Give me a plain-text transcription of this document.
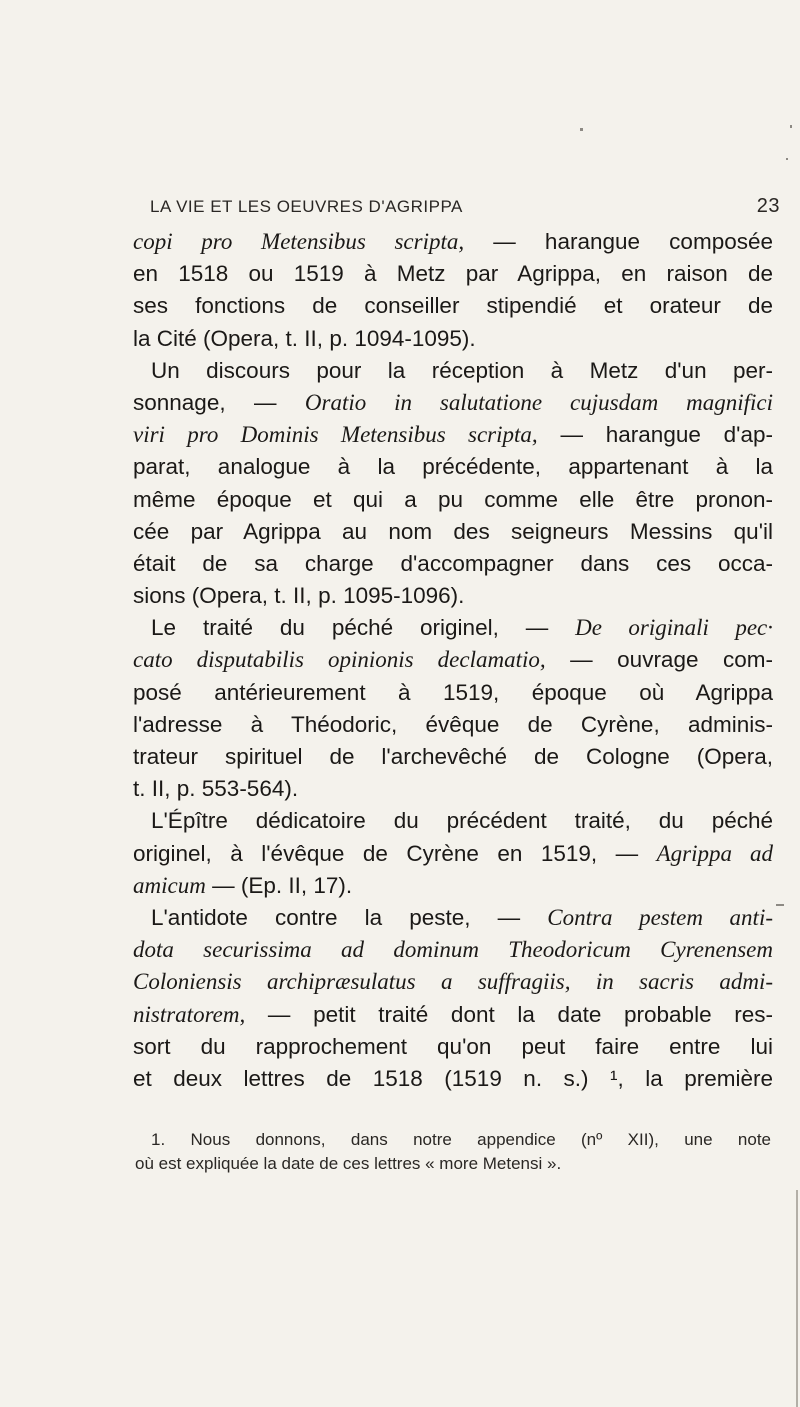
LA VIE ET LES OEUVRES D'AGRIPPA	23
copi pro Metensibus scripta, — harangue composée
en 1518 ou 1519 à Metz par Agrippa, en raison de
ses fonctions de conseiller stipendié et orateur de
la Cité (Opera, t. II, p. 1094-1095).
Un discours pour la réception à Metz d'un per-
sonnage, — Oratio in salutatione cujusdam magnifici
viri pro Dominis Metensibus scripta, — harangue d'ap-
parat, analogue à la précédente, appartenant à la
même époque et qui a pu comme elle être pronon-
cée par Agrippa au nom des seigneurs Messins qu'il
était de sa charge d'accompagner dans ces occa-
sions (Opera, t. II, p. 1095-1096).
Le traité du péché originel, — De originali pec·
cato disputabilis opinionis declamatio, — ouvrage com-
posé antérieurement à 1519, époque où Agrippa
l'adresse à Théodoric, évêque de Cyrène, adminis-
trateur spirituel de l'archevêché de Cologne (Opera,
t. II, p. 553-564).
L'Épître dédicatoire du précédent traité, du péché
originel, à l'évêque de Cyrène en 1519, — Agrippa ad
amicum — (Ep. II, 17).
L'antidote contre la peste, — Contra pestem anti-
dota securissima ad dominum Theodoricum Cyrenensem
Coloniensis archipræsulatus a suffragiis, in sacris admi-
nistratorem, — petit traité dont la date probable res-
sort du rapprochement qu'on peut faire entre lui
et deux lettres de 1518 (1519 n. s.) ¹, la première
1. Nous donnons, dans notre appendice (nº XII), une note
où est expliquée la date de ces lettres « more Metensi ».
